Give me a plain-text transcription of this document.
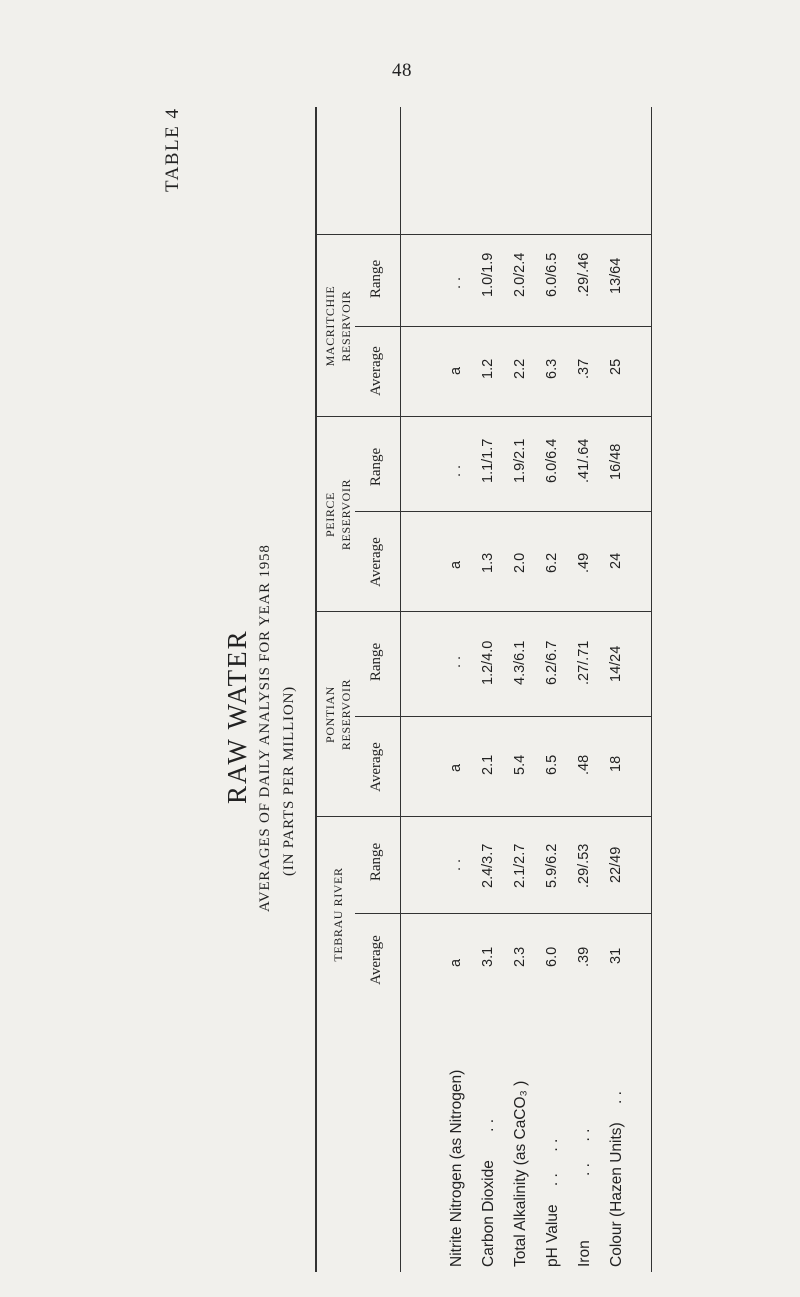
48
TABLE 4
RAW WATER AVERAGES OF DAILY ANALYSIS FOR YEAR 1958 (IN PARTS PER MILLION)
TEBRAU RIVER
PONTIAN RESERVOIR
PEIRCE RESERVOIR
MACRITCHIE RESERVOIR
Average
Range
Average
Range
Average
Range
Average
Range
Nitrite Nitrogen (as Nitrogen)
a
. .
a
. .
a
. .
a
. .
Carbon Dioxide . .
3.1
2.4/3.7
2.1
1.2/4.0
1.3
1.1/1.7
1.2
1.0/1.9
Total Alkalinity (as CaCO₃ )
2.3
2.1/2.7
5.4
4.3/6.1
2.0
1.9/2.1
2.2
2.0/2.4
pH Value . .     . .
6.0
5.9/6.2
6.5
6.2/6.7
6.2
6.0/6.4
6.3
6.0/6.5
Iron . .     . .
.39
.29/.53
.48
.27/.71
.49
.41/.64
.37
.29/.46
Colour (Hazen Units) . .
31
22/49
18
14/24
24
16/48
25
13/64
